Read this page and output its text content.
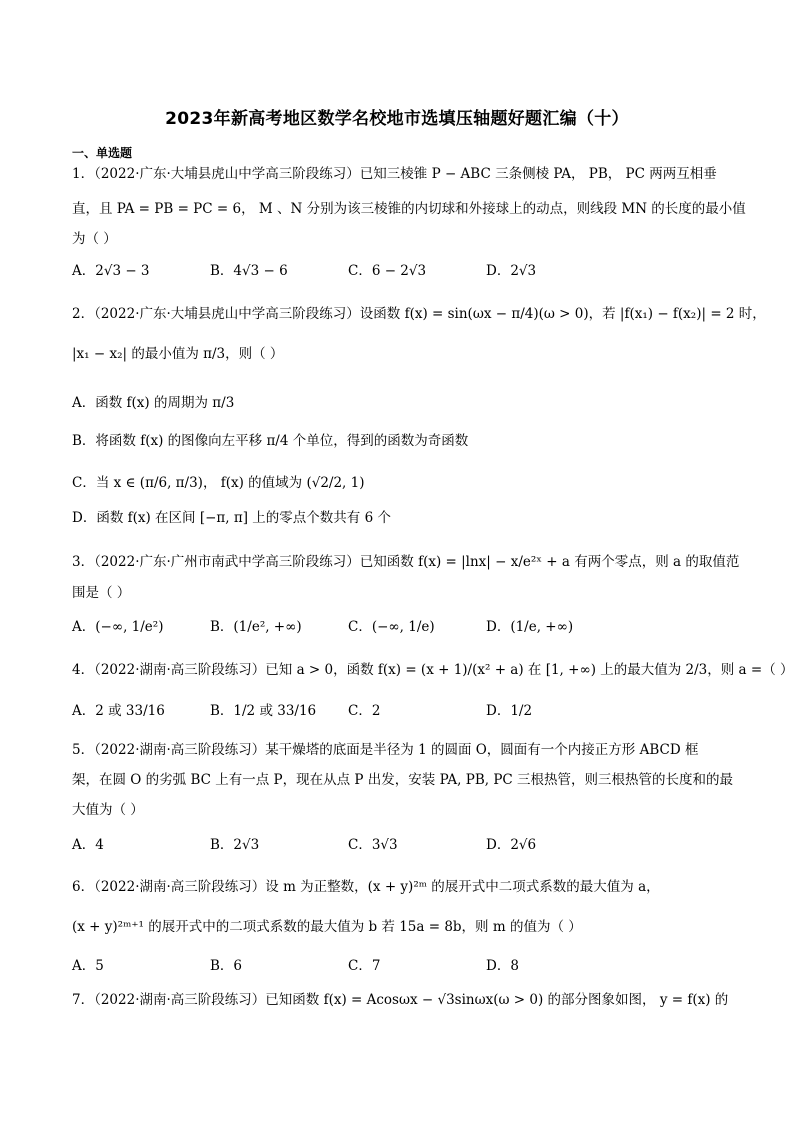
2023年新高考地区数学名校地市选填压轴题好题汇编（十）
一、单选题
1．（2022·广东·大埔县虎山中学高三阶段练习）已知三棱锥 P − ABC 三条侧棱 PA， PB， PC 两两互相垂
直，且 PA = PB = PC = 6， M 、N 分别为该三棱锥的内切球和外接球上的动点，则线段 MN 的长度的最小值
为（ ）
A．2√3 − 3	B．4√3 − 6	C．6 − 2√3	D．2√3
2．（2022·广东·大埔县虎山中学高三阶段练习）设函数 f(x) = sin(ωx − π/4)(ω > 0)，若 |f(x₁) − f(x₂)| = 2 时，
|x₁ − x₂| 的最小值为 π/3，则（ ）
A．函数 f(x) 的周期为 π/3
B．将函数 f(x) 的图像向左平移 π/4 个单位，得到的函数为奇函数
C．当 x ∈ (π/6, π/3)， f(x) 的值域为 (√2/2, 1)
D．函数 f(x) 在区间 [−π, π] 上的零点个数共有 6 个
3．（2022·广东·广州市南武中学高三阶段练习）已知函数 f(x) = |lnx| − x/e²ˣ + a 有两个零点，则 a 的取值范
围是（ ）
A．(−∞, 1/e²)	B．(1/e², +∞)	C．(−∞, 1/e)	D．(1/e, +∞)
4．（2022·湖南·高三阶段练习）已知 a > 0，函数 f(x) = (x + 1)/(x² + a) 在 [1, +∞) 上的最大值为 2/3，则 a =（ ）
A．2 或 33/16	B．1/2 或 33/16 C．2	D．1/2
5．（2022·湖南·高三阶段练习）某干燥塔的底面是半径为 1 的圆面 O，圆面有一个内接正方形 ABCD 框
架，在圆 O 的劣弧 BC 上有一点 P，现在从点 P 出发，安装 PA, PB, PC 三根热管，则三根热管的长度和的最
大值为（ ）
A．4	B．2√3	C．3√3	D．2√6
6．（2022·湖南·高三阶段练习）设 m 为正整数，(x + y)²ᵐ 的展开式中二项式系数的最大值为 a，
(x + y)²ᵐ⁺¹ 的展开式中的二项式系数的最大值为 b 若 15a = 8b，则 m 的值为（ ）
A．5	B．6	C．7	D．8
7．（2022·湖南·高三阶段练习）已知函数 f(x) = Acosωx − √3sinωx(ω > 0) 的部分图象如图， y = f(x) 的
